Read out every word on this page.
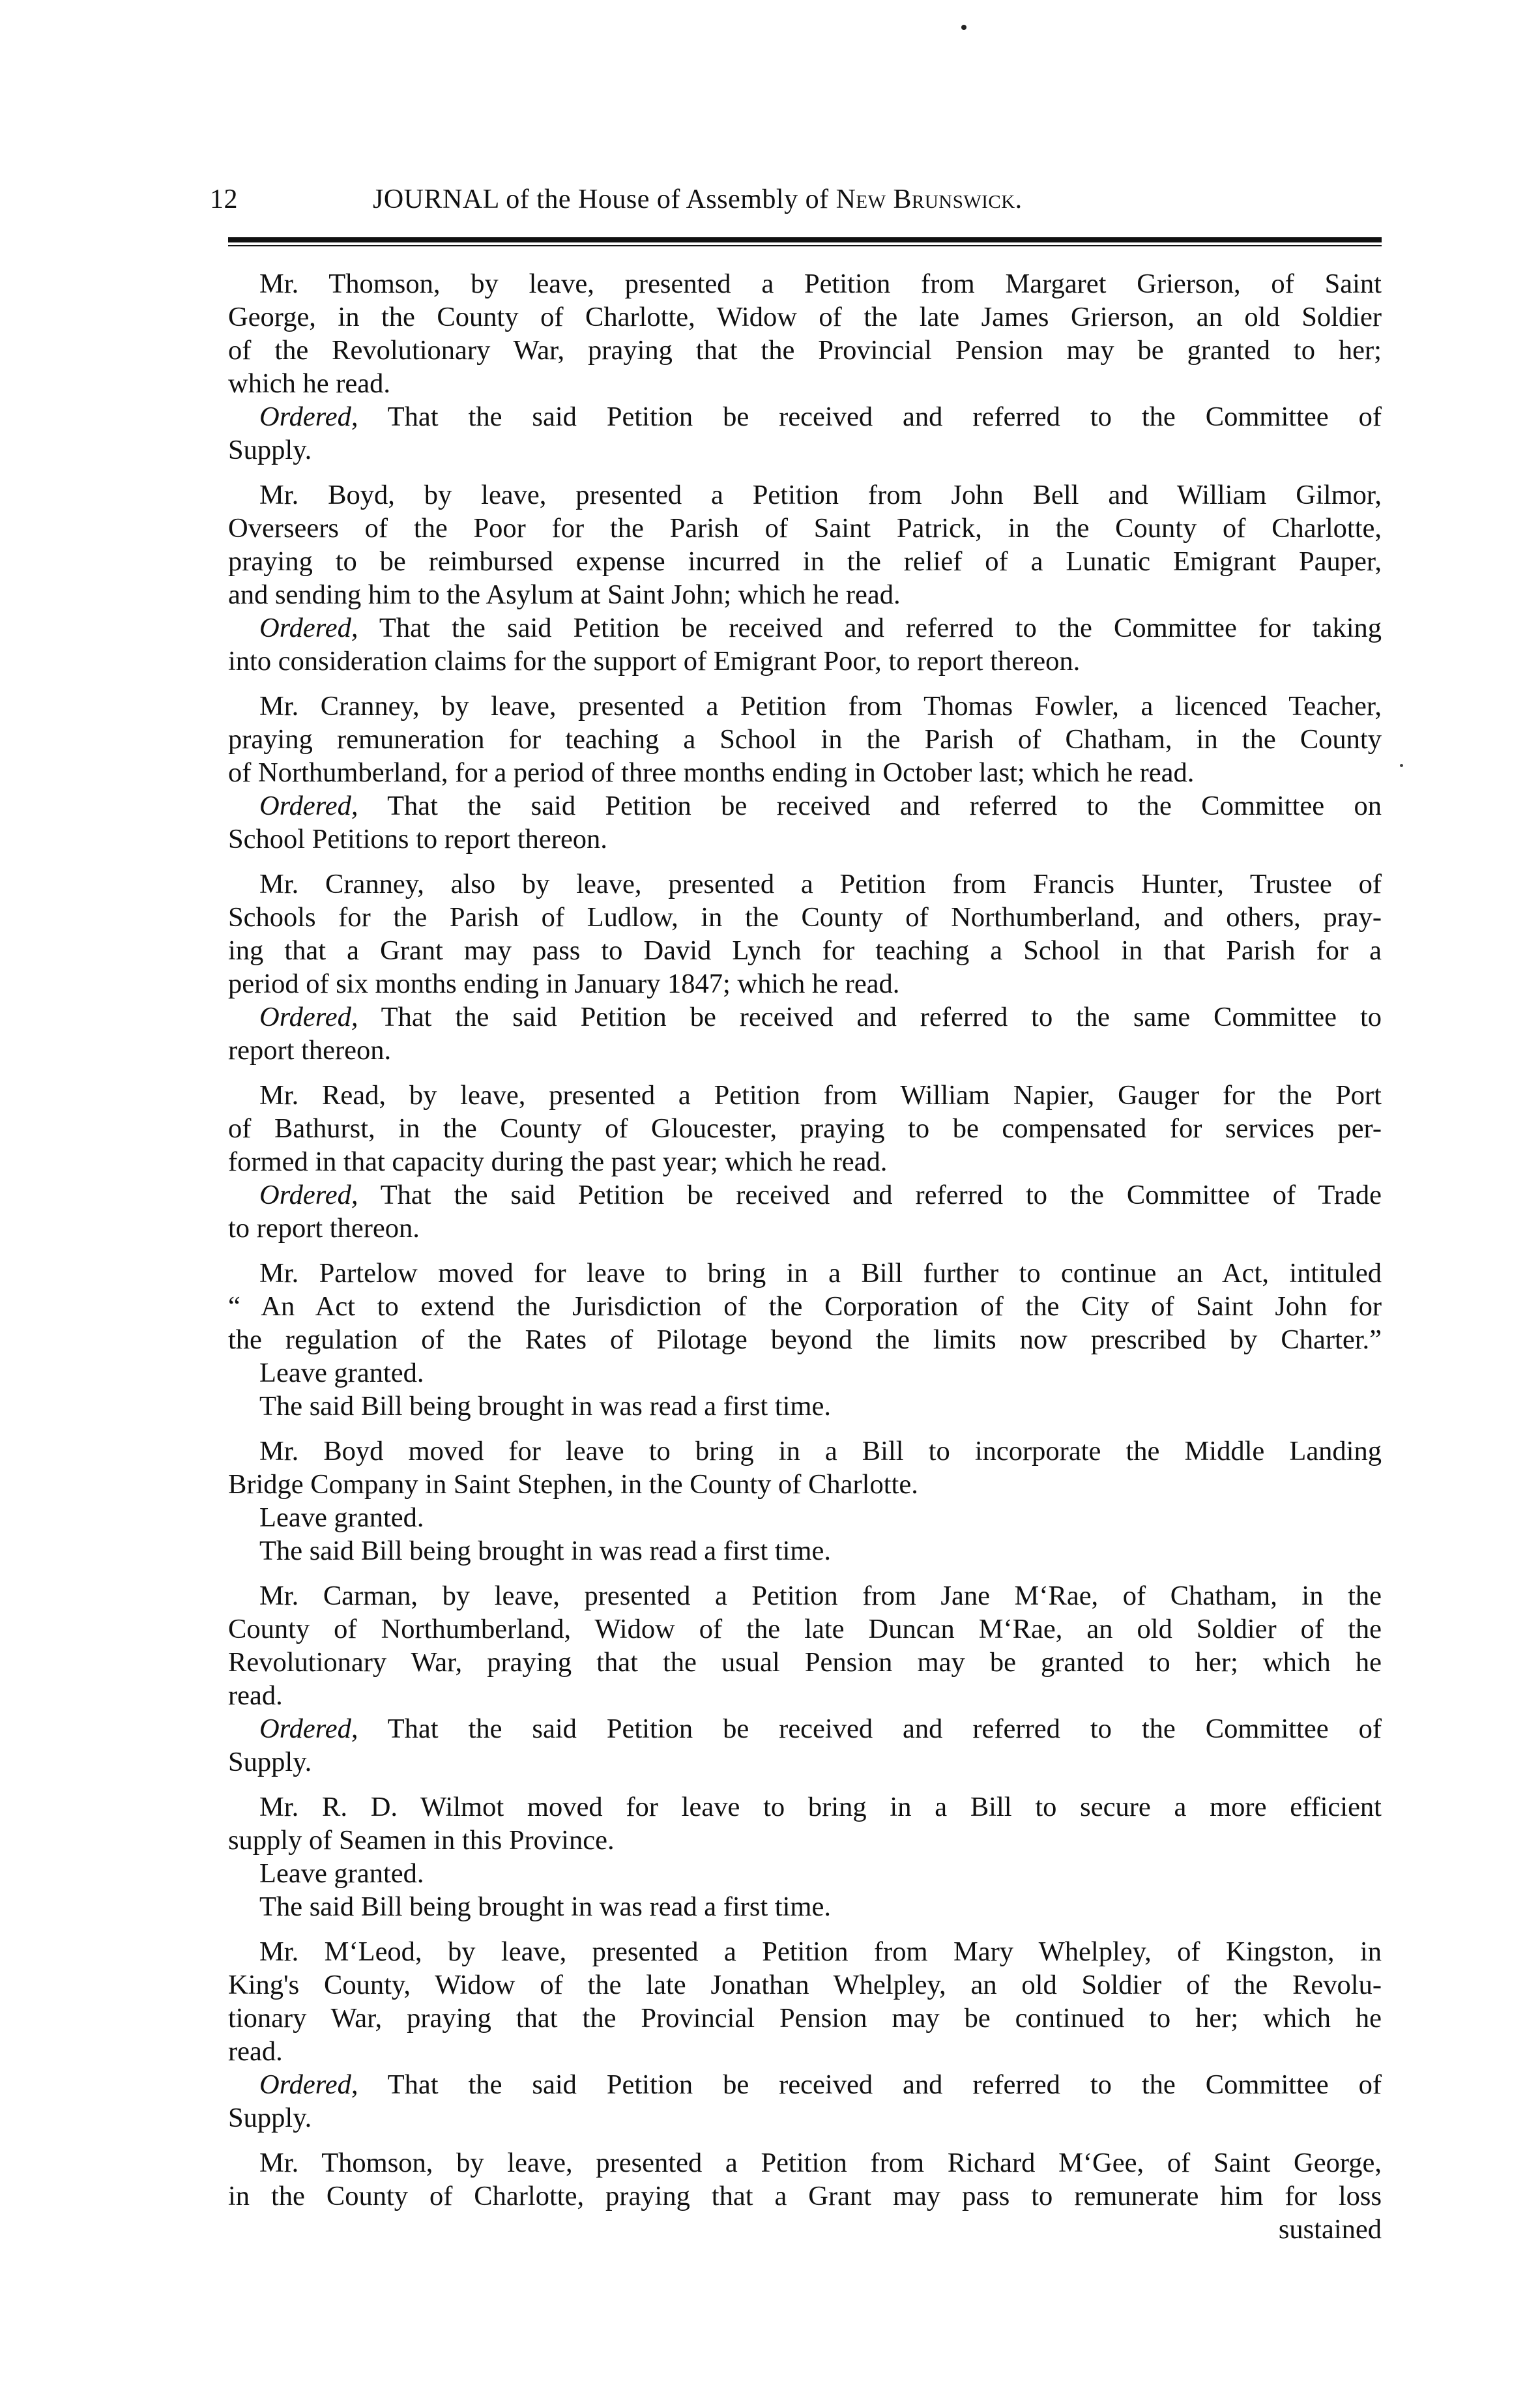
12	JOURNAL of the House of Assembly of New Brunswick.
Mr. Thomson, by leave, presented a Petition from Margaret Grierson, of Saint
George, in the County of Charlotte, Widow of the late James Grierson, an old Soldier
of the Revolutionary War, praying that the Provincial Pension may be granted to her;
which he read.
Ordered, That the said Petition be received and referred to the Committee of
Supply.
Mr. Boyd, by leave, presented a Petition from John Bell and William Gilmor,
Overseers of the Poor for the Parish of Saint Patrick, in the County of Charlotte,
praying to be reimbursed expense incurred in the relief of a Lunatic Emigrant Pauper,
and sending him to the Asylum at Saint John; which he read.
Ordered, That the said Petition be received and referred to the Committee for taking
into consideration claims for the support of Emigrant Poor, to report thereon.
Mr. Cranney, by leave, presented a Petition from Thomas Fowler, a licenced Teacher,
praying remuneration for teaching a School in the Parish of Chatham, in the County
of Northumberland, for a period of three months ending in October last; which he read.
Ordered, That the said Petition be received and referred to the Committee on
School Petitions to report thereon.
Mr. Cranney, also by leave, presented a Petition from Francis Hunter, Trustee of
Schools for the Parish of Ludlow, in the County of Northumberland, and others, pray-
ing that a Grant may pass to David Lynch for teaching a School in that Parish for a
period of six months ending in January 1847; which he read.
Ordered, That the said Petition be received and referred to the same Committee to
report thereon.
Mr. Read, by leave, presented a Petition from William Napier, Gauger for the Port
of Bathurst, in the County of Gloucester, praying to be compensated for services per-
formed in that capacity during the past year; which he read.
Ordered, That the said Petition be received and referred to the Committee of Trade
to report thereon.
Mr. Partelow moved for leave to bring in a Bill further to continue an Act, intituled
“ An Act to extend the Jurisdiction of the Corporation of the City of Saint John for
the regulation of the Rates of Pilotage beyond the limits now prescribed by Charter.”
Leave granted.
The said Bill being brought in was read a first time.
Mr. Boyd moved for leave to bring in a Bill to incorporate the Middle Landing
Bridge Company in Saint Stephen, in the County of Charlotte.
Leave granted.
The said Bill being brought in was read a first time.
Mr. Carman, by leave, presented a Petition from Jane M‘Rae, of Chatham, in the
County of Northumberland, Widow of the late Duncan M‘Rae, an old Soldier of the
Revolutionary War, praying that the usual Pension may be granted to her; which he
read.
Ordered, That the said Petition be received and referred to the Committee of
Supply.
Mr. R. D. Wilmot moved for leave to bring in a Bill to secure a more efficient
supply of Seamen in this Province.
Leave granted.
The said Bill being brought in was read a first time.
Mr. M‘Leod, by leave, presented a Petition from Mary Whelpley, of Kingston, in
King's County, Widow of the late Jonathan Whelpley, an old Soldier of the Revolu-
tionary War, praying that the Provincial Pension may be continued to her; which he
read.
Ordered, That the said Petition be received and referred to the Committee of
Supply.
Mr. Thomson, by leave, presented a Petition from Richard M‘Gee, of Saint George,
in the County of Charlotte, praying that a Grant may pass to remunerate him for loss
sustained
